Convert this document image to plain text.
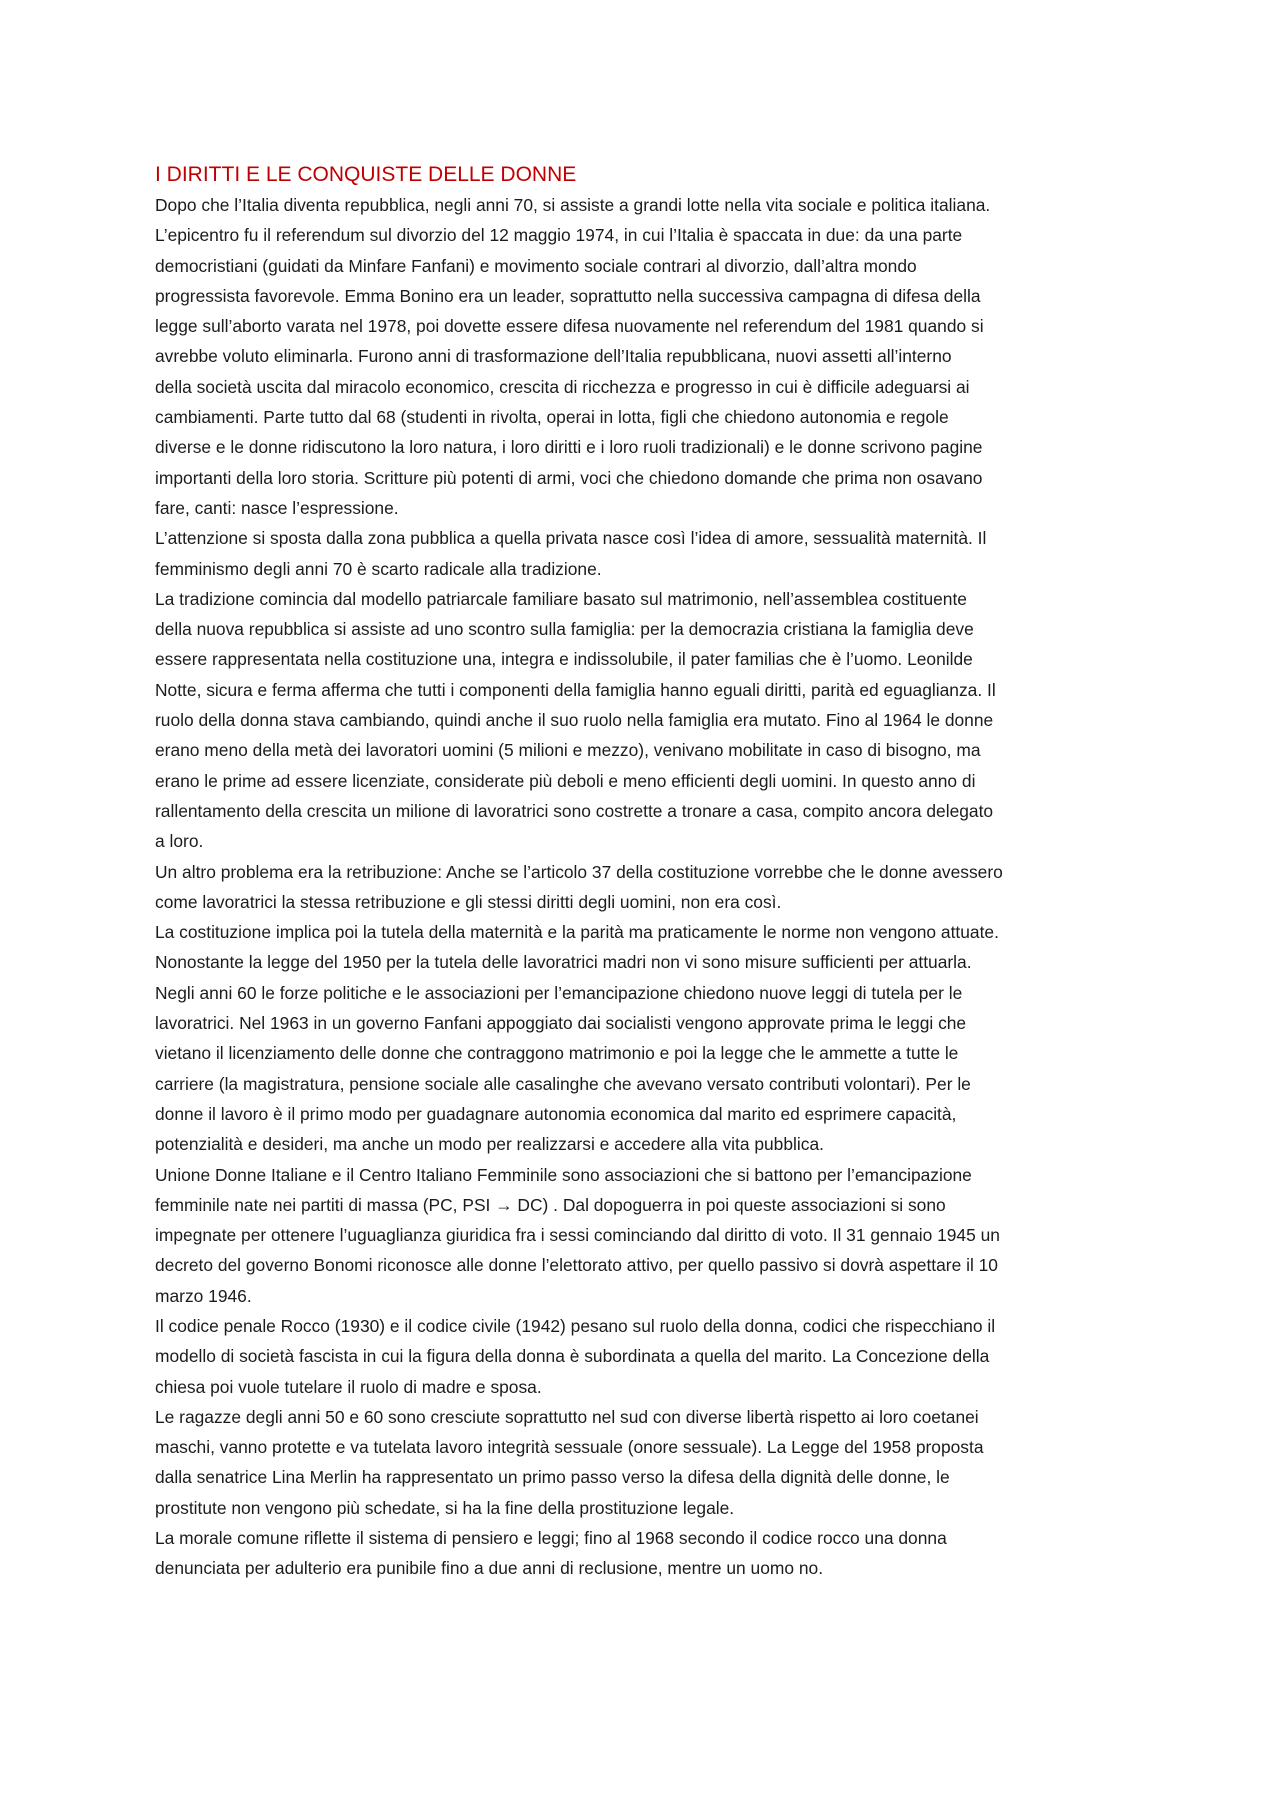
I DIRITTI E LE CONQUISTE DELLE DONNE

Dopo che l’Italia diventa repubblica, negli anni 70, si assiste a grandi lotte nella vita sociale e politica italiana.

L’epicentro fu il referendum sul divorzio del 12 maggio 1974, in cui l’Italia è spaccata in due: da una parte

democristiani (guidati da Minfare Fanfani) e movimento sociale contrari al divorzio, dall’altra mondo

progressista favorevole. Emma Bonino era un leader, soprattutto nella successiva campagna di difesa della

legge sull’aborto varata nel 1978, poi dovette essere difesa nuovamente nel referendum del 1981 quando si

avrebbe voluto eliminarla. Furono anni di trasformazione dell’Italia repubblicana, nuovi assetti all’interno

della società uscita dal miracolo economico, crescita di ricchezza e progresso in cui è difficile adeguarsi ai

cambiamenti. Parte tutto dal 68 (studenti in rivolta, operai in lotta, figli che chiedono autonomia e regole

diverse e le donne ridiscutono la loro natura, i loro diritti e i loro ruoli tradizionali) e le donne scrivono pagine

importanti della loro storia. Scritture più potenti di armi, voci che chiedono domande che prima non osavano

fare, canti: nasce l’espressione.

L’attenzione si sposta dalla zona pubblica a quella privata nasce così l’idea di amore, sessualità maternità. Il

femminismo degli anni 70 è scarto radicale alla tradizione.

La tradizione comincia dal modello patriarcale familiare basato sul matrimonio, nell’assemblea costituente

della nuova repubblica si assiste ad uno scontro sulla famiglia: per la democrazia cristiana la famiglia deve

essere rappresentata nella costituzione una, integra e indissolubile, il pater familias che è l’uomo. Leonilde

Notte, sicura e ferma afferma che tutti i componenti della famiglia hanno eguali diritti, parità ed eguaglianza. Il

ruolo della donna stava cambiando, quindi anche il suo ruolo nella famiglia era mutato. Fino al 1964 le donne

erano meno della metà dei lavoratori uomini (5 milioni e mezzo), venivano mobilitate in caso di bisogno, ma

erano le prime ad essere licenziate, considerate più deboli e meno efficienti degli uomini. In questo anno di

rallentamento della crescita un milione di lavoratrici sono costrette a tronare a casa, compito ancora delegato

a loro.

Un altro problema era la retribuzione: Anche se l’articolo 37 della costituzione vorrebbe che le donne avessero

come lavoratrici la stessa retribuzione e gli stessi diritti degli uomini, non era così.

La costituzione implica poi la tutela della maternità e la parità ma praticamente le norme non vengono attuate.

Nonostante la legge del 1950 per la tutela delle lavoratrici madri non vi sono misure sufficienti per attuarla.

Negli anni 60 le forze politiche e le associazioni per l’emancipazione chiedono nuove leggi di tutela per le

lavoratrici. Nel 1963 in un governo Fanfani appoggiato dai socialisti vengono approvate prima le leggi che

vietano il licenziamento delle donne che contraggono matrimonio e poi la legge che le ammette a tutte le

carriere (la magistratura, pensione sociale alle casalinghe che avevano versato contributi volontari). Per le

donne il lavoro è il primo modo per guadagnare autonomia economica dal marito ed esprimere capacità,

potenzialità e desideri, ma anche un modo per realizzarsi e accedere alla vita pubblica.

Unione Donne Italiane e il Centro Italiano Femminile sono associazioni che si battono per l’emancipazione

femminile nate nei partiti di massa (PC, PSI → DC) . Dal dopoguerra in poi queste associazioni si sono

impegnate per ottenere l’uguaglianza giuridica fra i sessi cominciando dal diritto di voto. Il 31 gennaio 1945 un

decreto del governo Bonomi riconosce alle donne l’elettorato attivo, per quello passivo si dovrà aspettare il 10

marzo 1946.

Il codice penale Rocco (1930) e il codice civile (1942) pesano sul ruolo della donna, codici che rispecchiano il

modello di società fascista in cui la figura della donna è subordinata a quella del marito. La Concezione della

chiesa poi vuole tutelare il ruolo di madre e sposa.

Le ragazze degli anni 50 e 60 sono cresciute soprattutto nel sud con diverse libertà rispetto ai loro coetanei

maschi, vanno protette e va tutelata lavoro integrità sessuale (onore sessuale). La Legge del 1958 proposta

dalla senatrice Lina Merlin ha rappresentato un primo passo verso la difesa della dignità delle donne, le

prostitute non vengono più schedate, si ha la fine della prostituzione legale.

La morale comune riflette il sistema di pensiero e leggi; fino al 1968 secondo il codice rocco una donna

denunciata per adulterio era punibile fino a due anni di reclusione, mentre un uomo no.
